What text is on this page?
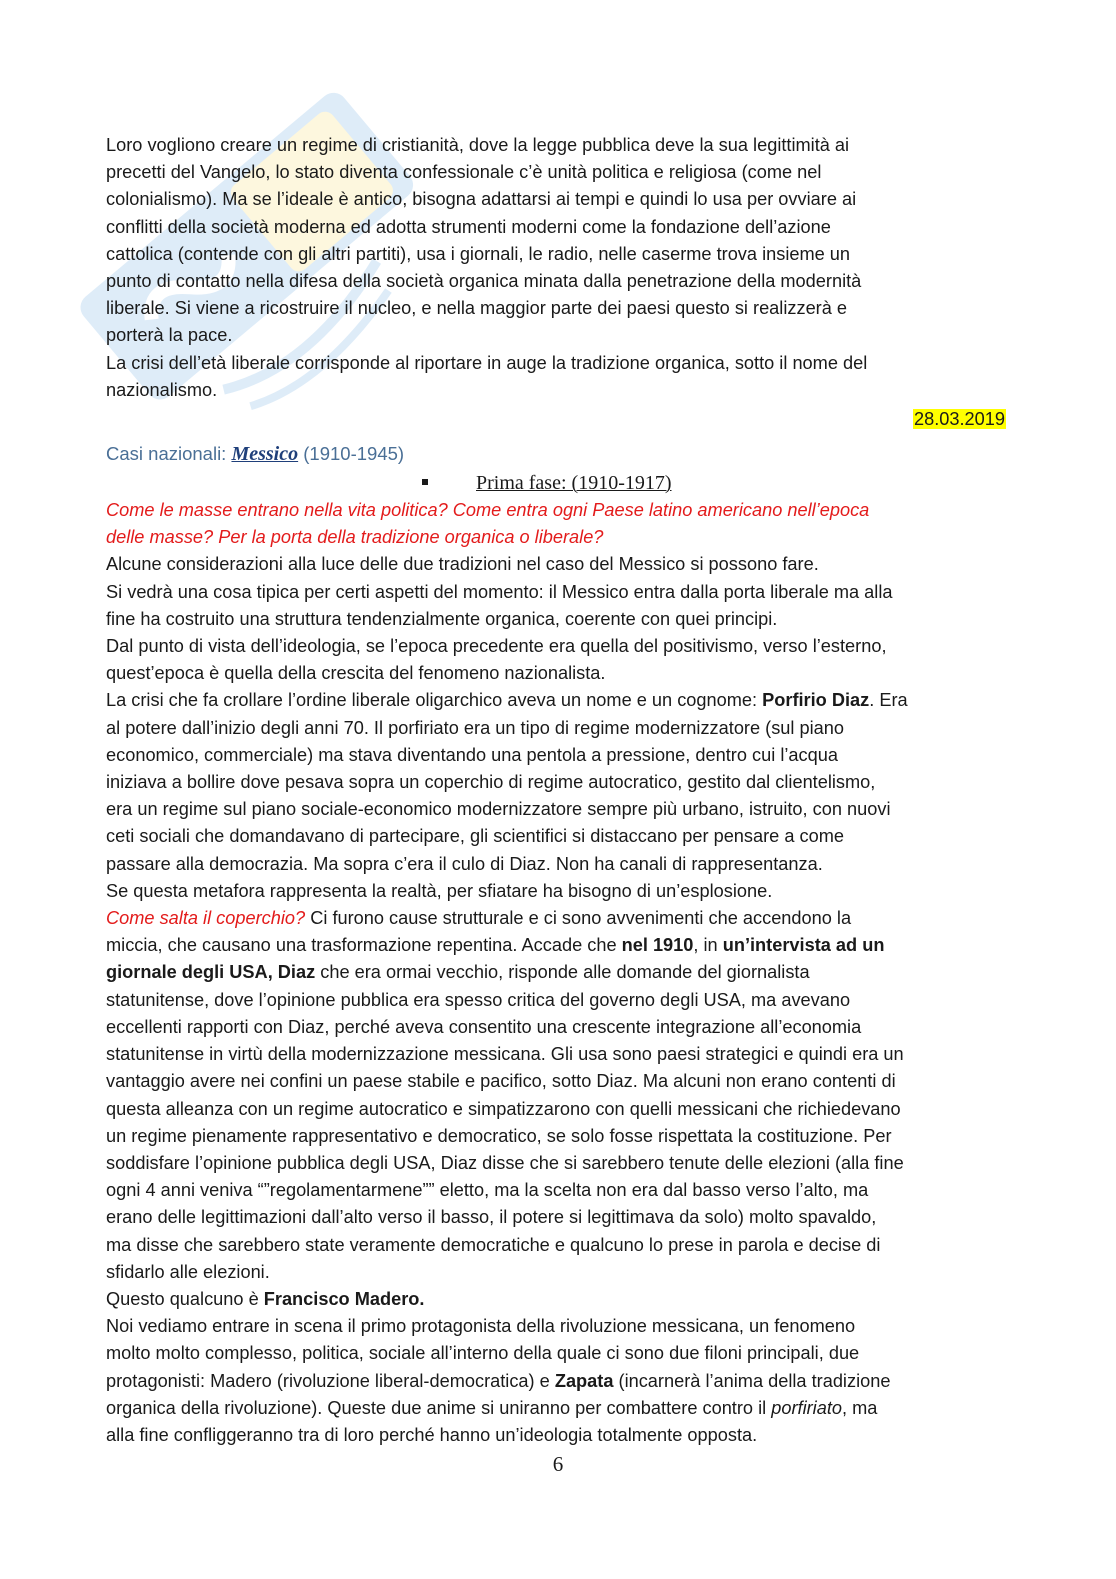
Loro vogliono creare un regime di cristianità, dove la legge pubblica deve la sua legittimità ai

precetti del Vangelo, lo stato diventa confessionale c’è unità politica e religiosa (come nel

colonialismo). Ma se l’ideale è antico, bisogna adattarsi ai tempi e quindi lo usa per ovviare ai

conflitti della società moderna ed adotta strumenti moderni come la fondazione dell’azione

cattolica (contende con gli altri partiti), usa i giornali, le radio, nelle caserme trova insieme un

punto di contatto nella difesa della società organica minata dalla penetrazione della modernità

liberale. Si viene a ricostruire il nucleo, e nella maggior parte dei paesi questo si realizzerà e

porterà la pace.

La crisi dell’età liberale corrisponde al riportare in auge la tradizione organica, sotto il nome del

nazionalismo.

28.03.2019
Casi nazionali: Messico (1910-1945)
Prima fase: (1910-1917)

Come le masse entrano nella vita politica? Come entra ogni Paese latino americano nell’epoca

delle masse? Per la porta della tradizione organica o liberale?

Alcune considerazioni alla luce delle due tradizioni nel caso del Messico si possono fare.

Si vedrà una cosa tipica per certi aspetti del momento: il Messico entra dalla porta liberale ma alla

fine ha costruito una struttura tendenzialmente organica, coerente con quei principi.

Dal punto di vista dell’ideologia, se l’epoca precedente era quella del positivismo, verso l’esterno,

quest’epoca è quella della crescita del fenomeno nazionalista.

La crisi che fa crollare l’ordine liberale oligarchico aveva un nome e un cognome: Porfirio Diaz. Era

al potere dall’inizio degli anni 70. Il porfiriato era un tipo di regime modernizzatore (sul piano

economico, commerciale) ma stava diventando una pentola a pressione, dentro cui l’acqua

iniziava a bollire dove pesava sopra un coperchio di regime autocratico, gestito dal clientelismo,

era un regime sul piano sociale-economico modernizzatore sempre più urbano, istruito, con nuovi

ceti sociali che domandavano di partecipare, gli scientifici si distaccano per pensare a come

passare alla democrazia. Ma sopra c’era il culo di Diaz. Non ha canali di rappresentanza.

Se questa metafora rappresenta la realtà, per sfiatare ha bisogno di un’esplosione.

Come salta il coperchio? Ci furono cause strutturale e ci sono avvenimenti che accendono la

miccia, che causano una trasformazione repentina. Accade che nel 1910, in un’intervista ad un

giornale degli USA, Diaz che era ormai vecchio, risponde alle domande del giornalista

statunitense, dove l’opinione pubblica era spesso critica del governo degli USA, ma avevano

eccellenti rapporti con Diaz, perché aveva consentito una crescente integrazione all’economia

statunitense in virtù della modernizzazione messicana. Gli usa sono paesi strategici e quindi era un

vantaggio avere nei confini un paese stabile e pacifico, sotto Diaz. Ma alcuni non erano contenti di

questa alleanza con un regime autocratico e simpatizzarono con quelli messicani che richiedevano

un regime pienamente rappresentativo e democratico, se solo fosse rispettata la costituzione. Per

soddisfare l’opinione pubblica degli USA, Diaz disse che si sarebbero tenute delle elezioni (alla fine

ogni 4 anni veniva “”regolamentarmene”” eletto, ma la scelta non era dal basso verso l’alto, ma

erano delle legittimazioni dall’alto verso il basso, il potere si legittimava da solo) molto spavaldo,

ma disse che sarebbero state veramente democratiche e qualcuno lo prese in parola e decise di

sfidarlo alle elezioni.

Questo qualcuno è Francisco Madero.

Noi vediamo entrare in scena il primo protagonista della rivoluzione messicana, un fenomeno

molto molto complesso, politica, sociale all’interno della quale ci sono due filoni principali, due

protagonisti: Madero (rivoluzione liberal-democratica) e Zapata (incarnerà l’anima della tradizione

organica della rivoluzione). Queste due anime si uniranno per combattere contro il porfiriato, ma

alla fine confliggeranno tra di loro perché hanno un’ideologia totalmente opposta.

6
